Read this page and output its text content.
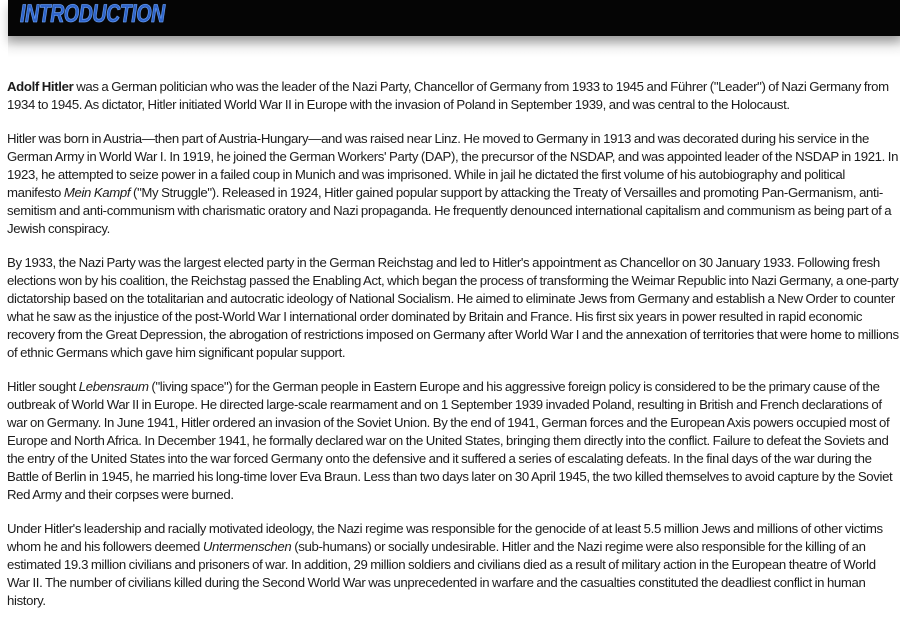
INTRODUCTION

Adolf Hitler was a German politician who was the leader of the Nazi Party, Chancellor of Germany from 1933 to 1945 and Führer ("Leader") of Nazi Germany from 1934 to 1945. As dictator, Hitler initiated World War II in Europe with the invasion of Poland in September 1939, and was central to the Holocaust.

Hitler was born in Austria—then part of Austria-Hungary—and was raised near Linz. He moved to Germany in 1913 and was decorated during his service in the German Army in World War I. In 1919, he joined the German Workers' Party (DAP), the precursor of the NSDAP, and was appointed leader of the NSDAP in 1921. In 1923, he attempted to seize power in a failed coup in Munich and was imprisoned. While in jail he dictated the first volume of his autobiography and political manifesto Mein Kampf ("My Struggle"). Released in 1924, Hitler gained popular support by attacking the Treaty of Versailles and promoting Pan-Germanism, anti-semitism and anti-communism with charismatic oratory and Nazi propaganda. He frequently denounced international capitalism and communism as being part of a Jewish conspiracy.

By 1933, the Nazi Party was the largest elected party in the German Reichstag and led to Hitler's appointment as Chancellor on 30 January 1933. Following fresh elections won by his coalition, the Reichstag passed the Enabling Act, which began the process of transforming the Weimar Republic into Nazi Germany, a one-party dictatorship based on the totalitarian and autocratic ideology of National Socialism. He aimed to eliminate Jews from Germany and establish a New Order to counter what he saw as the injustice of the post-World War I international order dominated by Britain and France. His first six years in power resulted in rapid economic recovery from the Great Depression, the abrogation of restrictions imposed on Germany after World War I and the annexation of territories that were home to millions of ethnic Germans which gave him significant popular support.

Hitler sought Lebensraum ("living space") for the German people in Eastern Europe and his aggressive foreign policy is considered to be the primary cause of the outbreak of World War II in Europe. He directed large-scale rearmament and on 1 September 1939 invaded Poland, resulting in British and French declarations of war on Germany. In June 1941, Hitler ordered an invasion of the Soviet Union. By the end of 1941, German forces and the European Axis powers occupied most of Europe and North Africa. In December 1941, he formally declared war on the United States, bringing them directly into the conflict. Failure to defeat the Soviets and the entry of the United States into the war forced Germany onto the defensive and it suffered a series of escalating defeats. In the final days of the war during the Battle of Berlin in 1945, he married his long-time lover Eva Braun. Less than two days later on 30 April 1945, the two killed themselves to avoid capture by the Soviet Red Army and their corpses were burned.

Under Hitler's leadership and racially motivated ideology, the Nazi regime was responsible for the genocide of at least 5.5 million Jews and millions of other victims whom he and his followers deemed Untermenschen (sub-humans) or socially undesirable. Hitler and the Nazi regime were also responsible for the killing of an estimated 19.3 million civilians and prisoners of war. In addition, 29 million soldiers and civilians died as a result of military action in the European theatre of World War II. The number of civilians killed during the Second World War was unprecedented in warfare and the casualties constituted the deadliest conflict in human history.
